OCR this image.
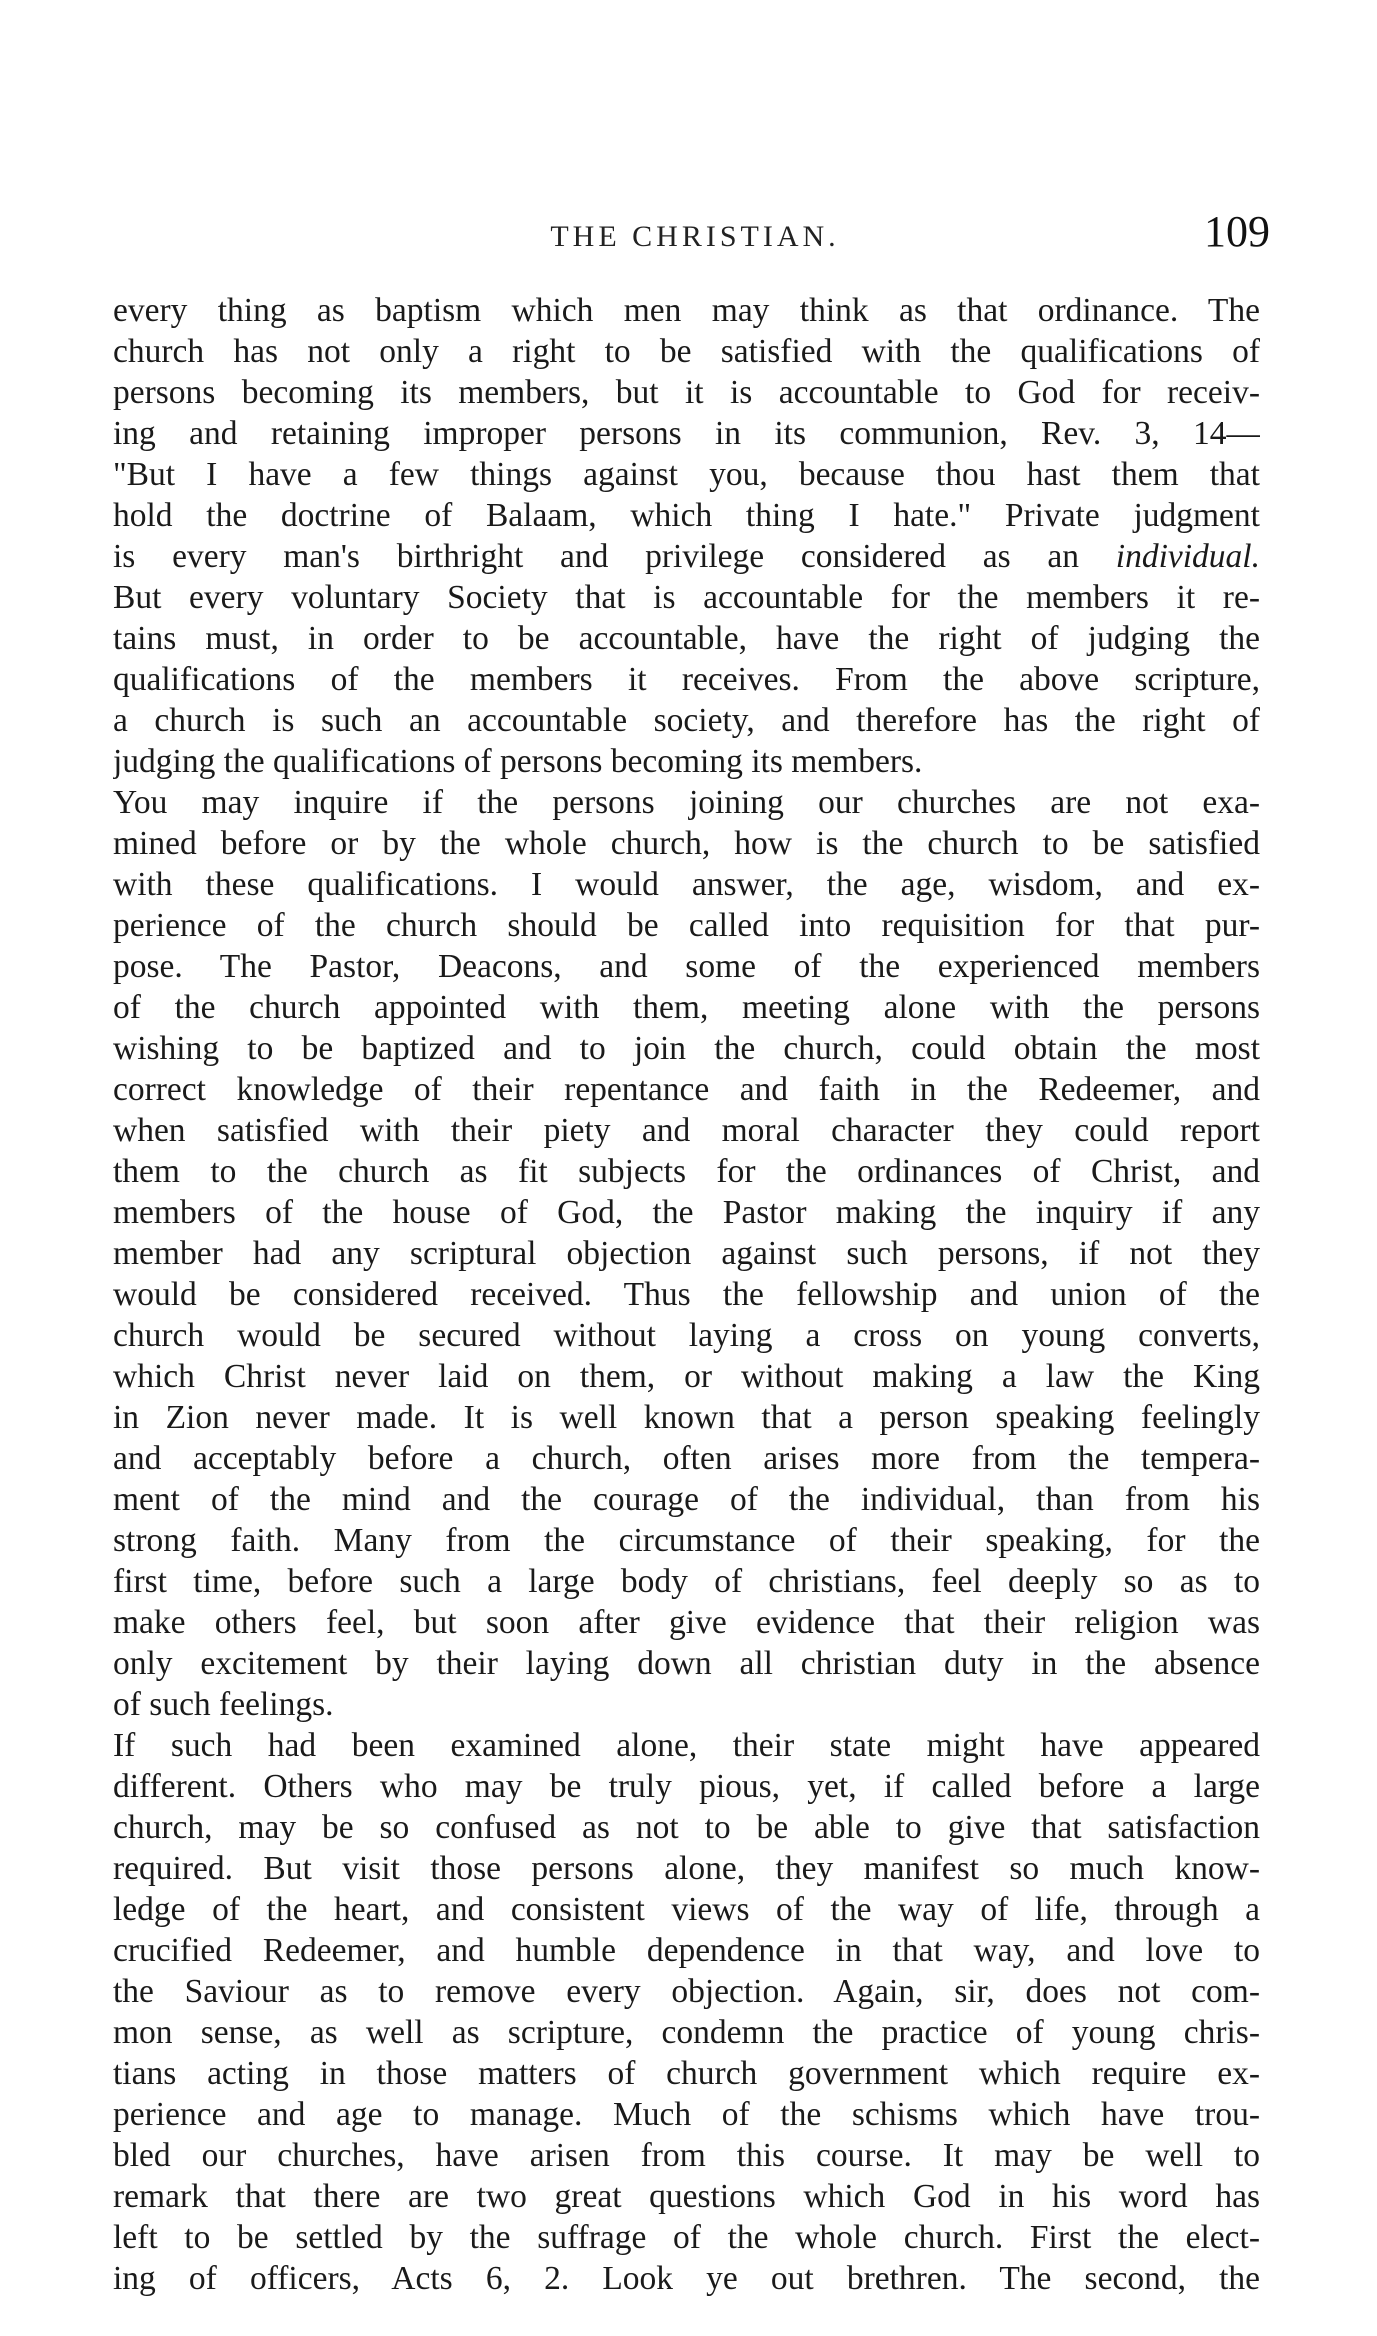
THE CHRISTIAN.	109
every thing as baptism which men may think as that ordinance. The
church has not only a right to be satisfied with the qualifications of
persons becoming its members, but it is accountable to God for receiv-
ing and retaining improper persons in its communion, Rev. 3, 14—
"But I have a few things against you, because thou hast them that
hold the doctrine of Balaam, which thing I hate." Private judgment
is every man's birthright and privilege considered as an individual.
But every voluntary Society that is accountable for the members it re-
tains must, in order to be accountable, have the right of judging the
qualifications of the members it receives. From the above scripture,
a church is such an accountable society, and therefore has the right of
judging the qualifications of persons becoming its members.
You may inquire if the persons joining our churches are not exa-
mined before or by the whole church, how is the church to be satisfied
with these qualifications. I would answer, the age, wisdom, and ex-
perience of the church should be called into requisition for that pur-
pose. The Pastor, Deacons, and some of the experienced members
of the church appointed with them, meeting alone with the persons
wishing to be baptized and to join the church, could obtain the most
correct knowledge of their repentance and faith in the Redeemer, and
when satisfied with their piety and moral character they could report
them to the church as fit subjects for the ordinances of Christ, and
members of the house of God, the Pastor making the inquiry if any
member had any scriptural objection against such persons, if not they
would be considered received. Thus the fellowship and union of the
church would be secured without laying a cross on young converts,
which Christ never laid on them, or without making a law the King
in Zion never made. It is well known that a person speaking feelingly
and acceptably before a church, often arises more from the tempera-
ment of the mind and the courage of the individual, than from his
strong faith. Many from the circumstance of their speaking, for the
first time, before such a large body of christians, feel deeply so as to
make others feel, but soon after give evidence that their religion was
only excitement by their laying down all christian duty in the absence
of such feelings.
If such had been examined alone, their state might have appeared
different. Others who may be truly pious, yet, if called before a large
church, may be so confused as not to be able to give that satisfaction
required. But visit those persons alone, they manifest so much know-
ledge of the heart, and consistent views of the way of life, through a
crucified Redeemer, and humble dependence in that way, and love to
the Saviour as to remove every objection. Again, sir, does not com-
mon sense, as well as scripture, condemn the practice of young chris-
tians acting in those matters of church government which require ex-
perience and age to manage. Much of the schisms which have trou-
bled our churches, have arisen from this course. It may be well to
remark that there are two great questions which God in his word has
left to be settled by the suffrage of the whole church. First the elect-
ing of officers, Acts 6, 2. Look ye out brethren. The second, the
